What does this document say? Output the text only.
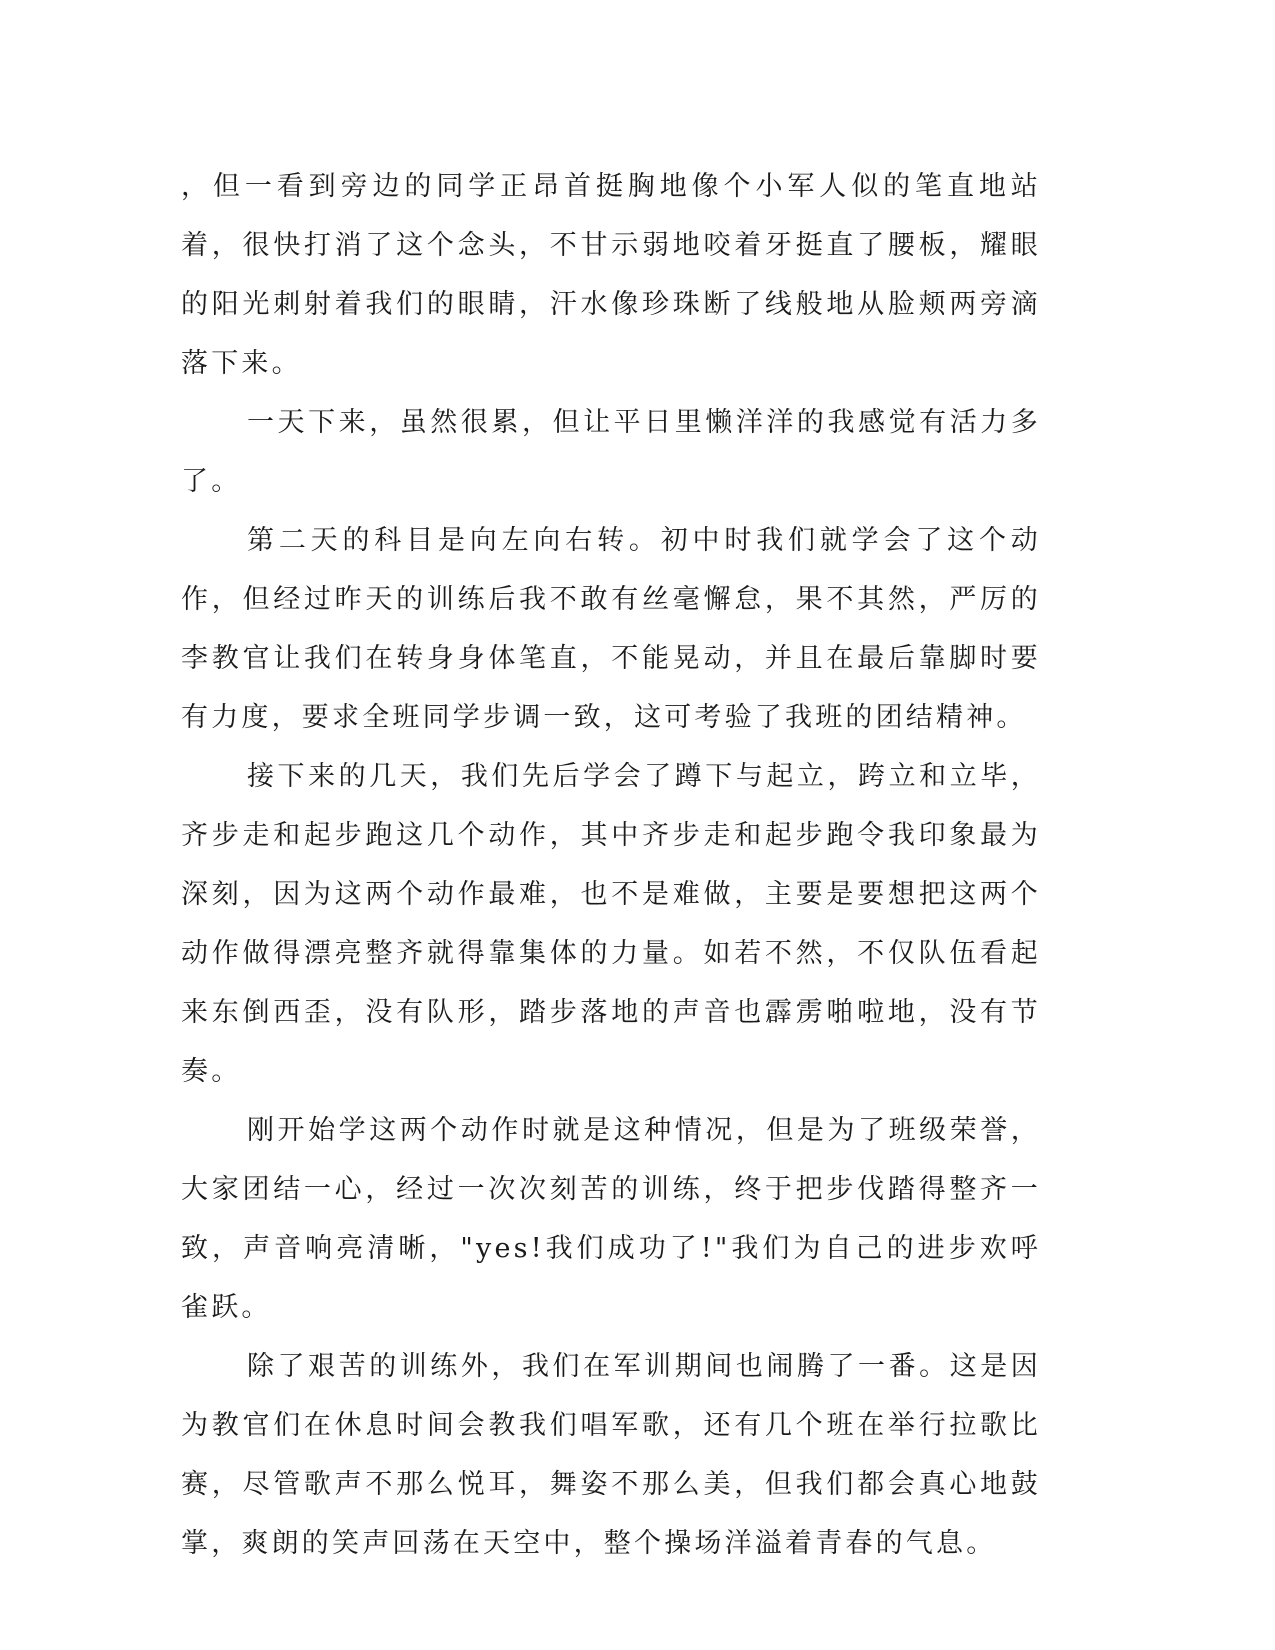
，但一看到旁边的同学正昂首挺胸地像个小军人似的笔直地站着，很快打消了这个念头，不甘示弱地咬着牙挺直了腰板，耀眼的阳光刺射着我们的眼睛，汗水像珍珠断了线般地从脸颊两旁滴落下来。

一天下来，虽然很累，但让平日里懒洋洋的我感觉有活力多了。

第二天的科目是向左向右转。初中时我们就学会了这个动作，但经过昨天的训练后我不敢有丝毫懈怠，果不其然，严厉的李教官让我们在转身身体笔直，不能晃动，并且在最后靠脚时要有力度，要求全班同学步调一致，这可考验了我班的团结精神。

接下来的几天，我们先后学会了蹲下与起立，跨立和立毕，齐步走和起步跑这几个动作，其中齐步走和起步跑令我印象最为深刻，因为这两个动作最难，也不是难做，主要是要想把这两个动作做得漂亮整齐就得靠集体的力量。如若不然，不仅队伍看起来东倒西歪，没有队形，踏步落地的声音也霹雳啪啦地，没有节奏。

刚开始学这两个动作时就是这种情况，但是为了班级荣誉，大家团结一心，经过一次次刻苦的训练，终于把步伐踏得整齐一致，声音响亮清晰，"yes!我们成功了!"我们为自己的进步欢呼雀跃。

除了艰苦的训练外，我们在军训期间也闹腾了一番。这是因为教官们在休息时间会教我们唱军歌，还有几个班在举行拉歌比赛，尽管歌声不那么悦耳，舞姿不那么美，但我们都会真心地鼓掌，爽朗的笑声回荡在天空中，整个操场洋溢着青春的气息。
